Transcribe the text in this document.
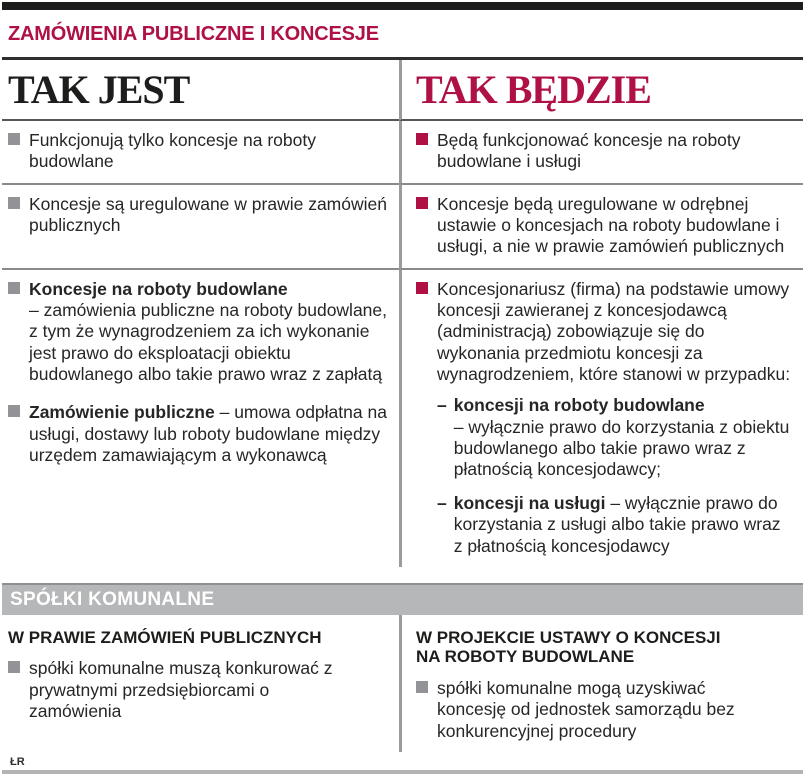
ZAMÓWIENIA PUBLICZNE I KONCESJE
TAK JEST	TAK BĘDZIE
Funkcjonują tylko koncesje na roboty budowlane
Będą funkcjonować koncesje na roboty budowlane i usługi
Koncesje są uregulowane w prawie zamówień publicznych
Koncesje będą uregulowane w odrębnej ustawie o koncesjach na roboty budowlane i usługi, a nie w prawie zamówień publicznych
Koncesje na roboty budowlane
– zamówienia publiczne na roboty budowlane, z tym że wynagrodzeniem za ich wykonanie jest prawo do eksploatacji obiektu budowlanego albo takie prawo wraz z zapłatą
Zamówienie publiczne – umowa odpłatna na usługi, dostawy lub roboty budowlane między urzędem zamawiającym a wykonawcą
Koncesjonariusz (firma) na podstawie umowy koncesji zawieranej z koncesjodawcą (administracją) zobowiązuje się do wykonania przedmiotu koncesji za wynagrodzeniem, które stanowi w przypadku:
– koncesji na roboty budowlane
– wyłącznie prawo do korzystania z obiektu budowlanego albo takie prawo wraz z płatnością koncesjodawcy;
– koncesji na usługi – wyłącznie prawo do korzystania z usługi albo takie prawo wraz z płatnością koncesjodawcy
SPÓŁKI KOMUNALNE
W PRAWIE ZAMÓWIEŃ PUBLICZNYCH
spółki komunalne muszą konkurować z prywatnymi przedsiębiorcami o zamówienia
W PROJEKCIE USTAWY O KONCESJI NA ROBOTY BUDOWLANE
spółki komunalne mogą uzyskiwać koncesję od jednostek samorządu bez konkurencyjnej procedury
ŁR
